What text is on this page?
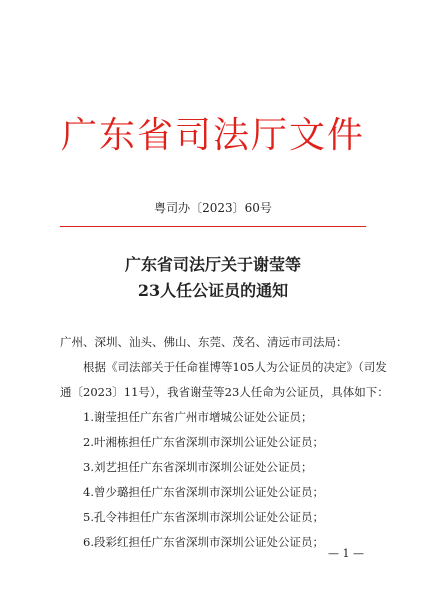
广东省司法厅文件
粤司办〔2023〕60号
广东省司法厅关于谢莹等
23人任公证员的通知
广州、深圳、汕头、佛山、东莞、茂名、清远市司法局：
根据《司法部关于任命崔博等105人为公证员的决定》（司发
通〔2023〕11号），我省谢莹等23人任命为公证员，具体如下：
1.谢莹担任广东省广州市增城公证处公证员；
2.叶湘栋担任广东省深圳市深圳公证处公证员；
3.刘艺担任广东省深圳市深圳公证处公证员；
4.曾少璐担任广东省深圳市深圳公证处公证员；
5.孔令祎担任广东省深圳市深圳公证处公证员；
6.段彩红担任广东省深圳市深圳公证处公证员；
— 1 —
